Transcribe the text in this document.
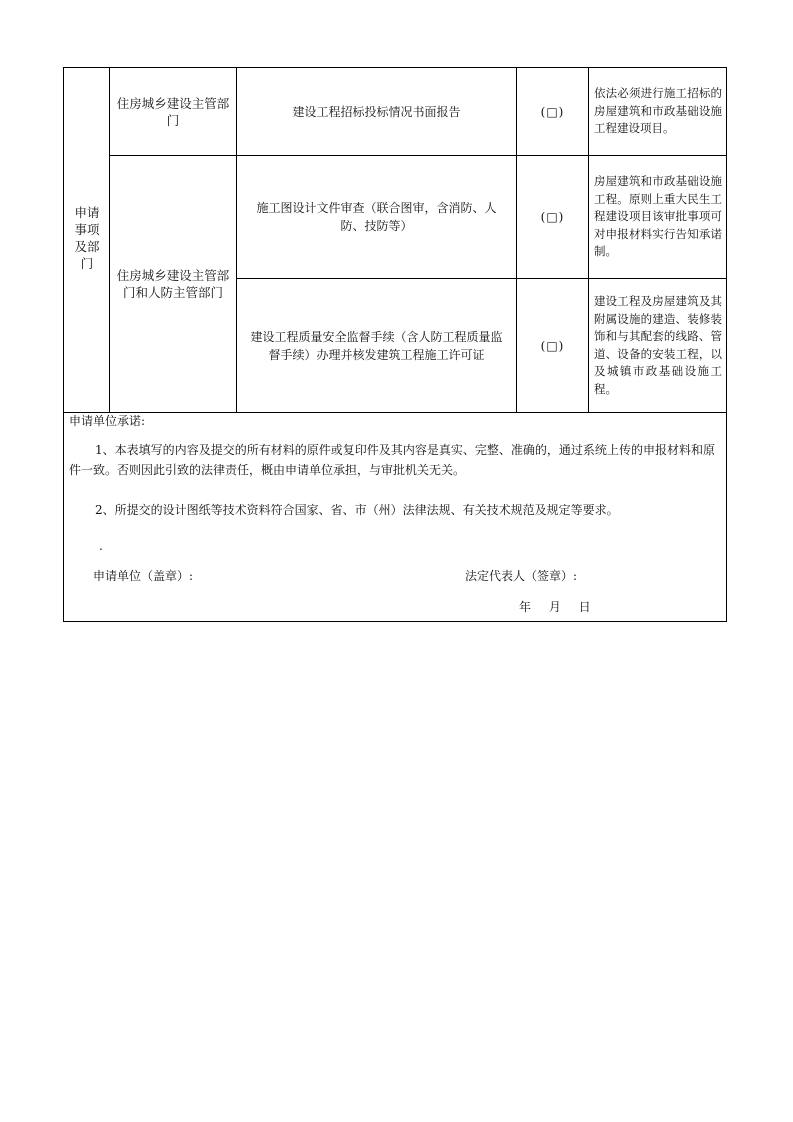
申请事项及部门
住房城乡建设主管部门
建设工程招标投标情况书面报告	(□)
依法必须进行施工招标的房屋建筑和市政基础设施工程建设项目。
住房城乡建设主管部门和人防主管部门
施工图设计文件审查（联合图审，含消防、人防、技防等）
(□)
房屋建筑和市政基础设施工程。原则上重大民生工程建设项目该审批事项可对申报材料实行告知承诺制。
建设工程质量安全监督手续（含人防工程质量监督手续）办理并核发建筑工程施工许可证
(□)
建设工程及房屋建筑及其附属设施的建造、装修装饰和与其配套的线路、管道、设备的安装工程，以及城镇市政基础设施工程。
申请单位承诺:

1、本表填写的内容及提交的所有材料的原件或复印件及其内容是真实、完整、准确的，通过系统上传的申报材料和原件一致。否则因此引致的法律责任，概由申请单位承担，与审批机关无关。

2、所提交的设计图纸等技术资料符合国家、省、市（州）法律法规、有关技术规范及规定等要求。

.
申请单位（盖章）:	法定代表人（签章）:
年 月 日
